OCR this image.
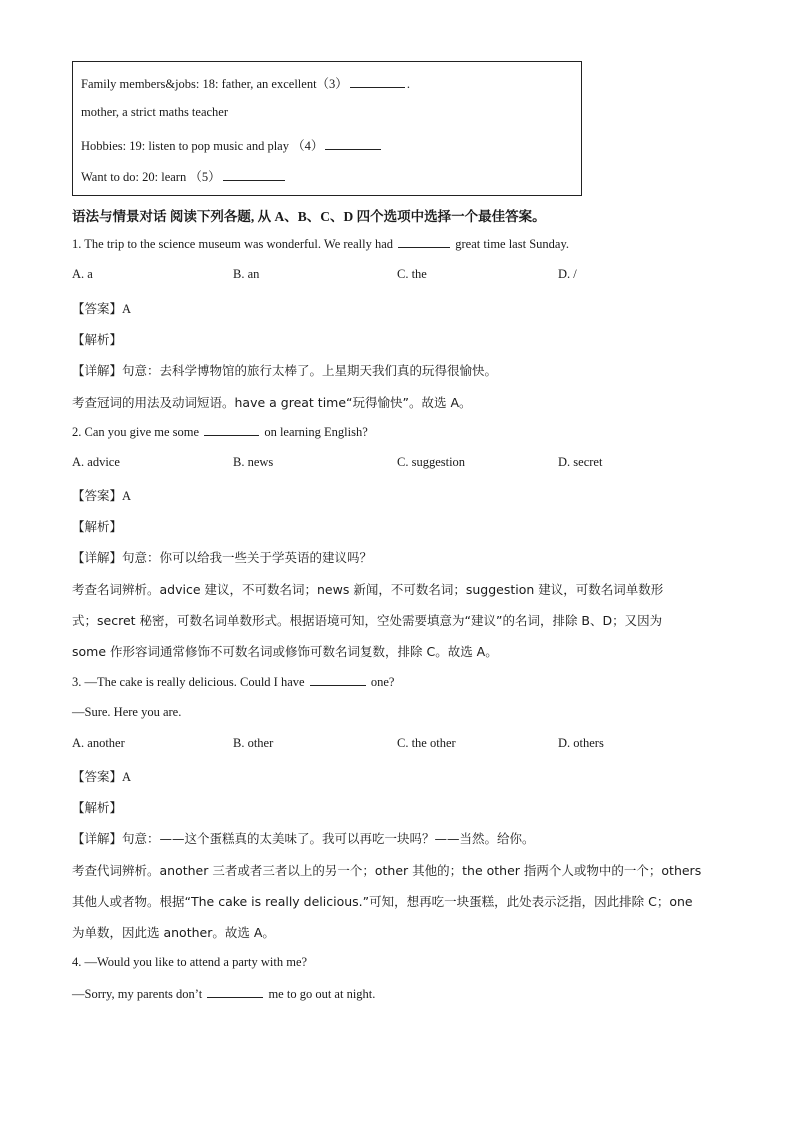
Family members&jobs: 18: father, an excellent（3）	.
mother, a strict maths teacher
Hobbies: 19: listen to pop music and play （4）
Want to do: 20: learn （5）
语法与情景对话 阅读下列各题, 从 A、B、C、D 四个选项中选择一个最佳答案。
1. The trip to the science museum was wonderful. We really had	great time last Sunday.
A. a	B. an	C. the	D. /
【答案】A
【解析】
【详解】句意：去科学博物馆的旅行太棒了。上星期天我们真的玩得很愉快。
考查冠词的用法及动词短语。have a great time“玩得愉快”。故选 A。
2. Can you give me some	on learning English?
A. advice	B. news	C. suggestion	D. secret
【答案】A
【解析】
【详解】句意：你可以给我一些关于学英语的建议吗？
考查名词辨析。advice 建议，不可数名词；news 新闻，不可数名词；suggestion 建议，可数名词单数形
式；secret 秘密，可数名词单数形式。根据语境可知，空处需要填意为“建议”的名词，排除 B、D；又因为
some 作形容词通常修饰不可数名词或修饰可数名词复数，排除 C。故选 A。
3. —The cake is really delicious. Could I have	one?
—Sure. Here you are.
A. another	B. other	C. the other	D. others
【答案】A
【解析】
【详解】句意：——这个蛋糕真的太美味了。我可以再吃一块吗？——当然。给你。
考查代词辨析。another 三者或者三者以上的另一个；other 其他的；the other 指两个人或物中的一个；others
其他人或者物。根据“The cake is really delicious.”可知，想再吃一块蛋糕，此处表示泛指，因此排除 C；one
为单数，因此选 another。故选 A。
4. —Would you like to attend a party with me?
—Sorry, my parents don’t	me to go out at night.
